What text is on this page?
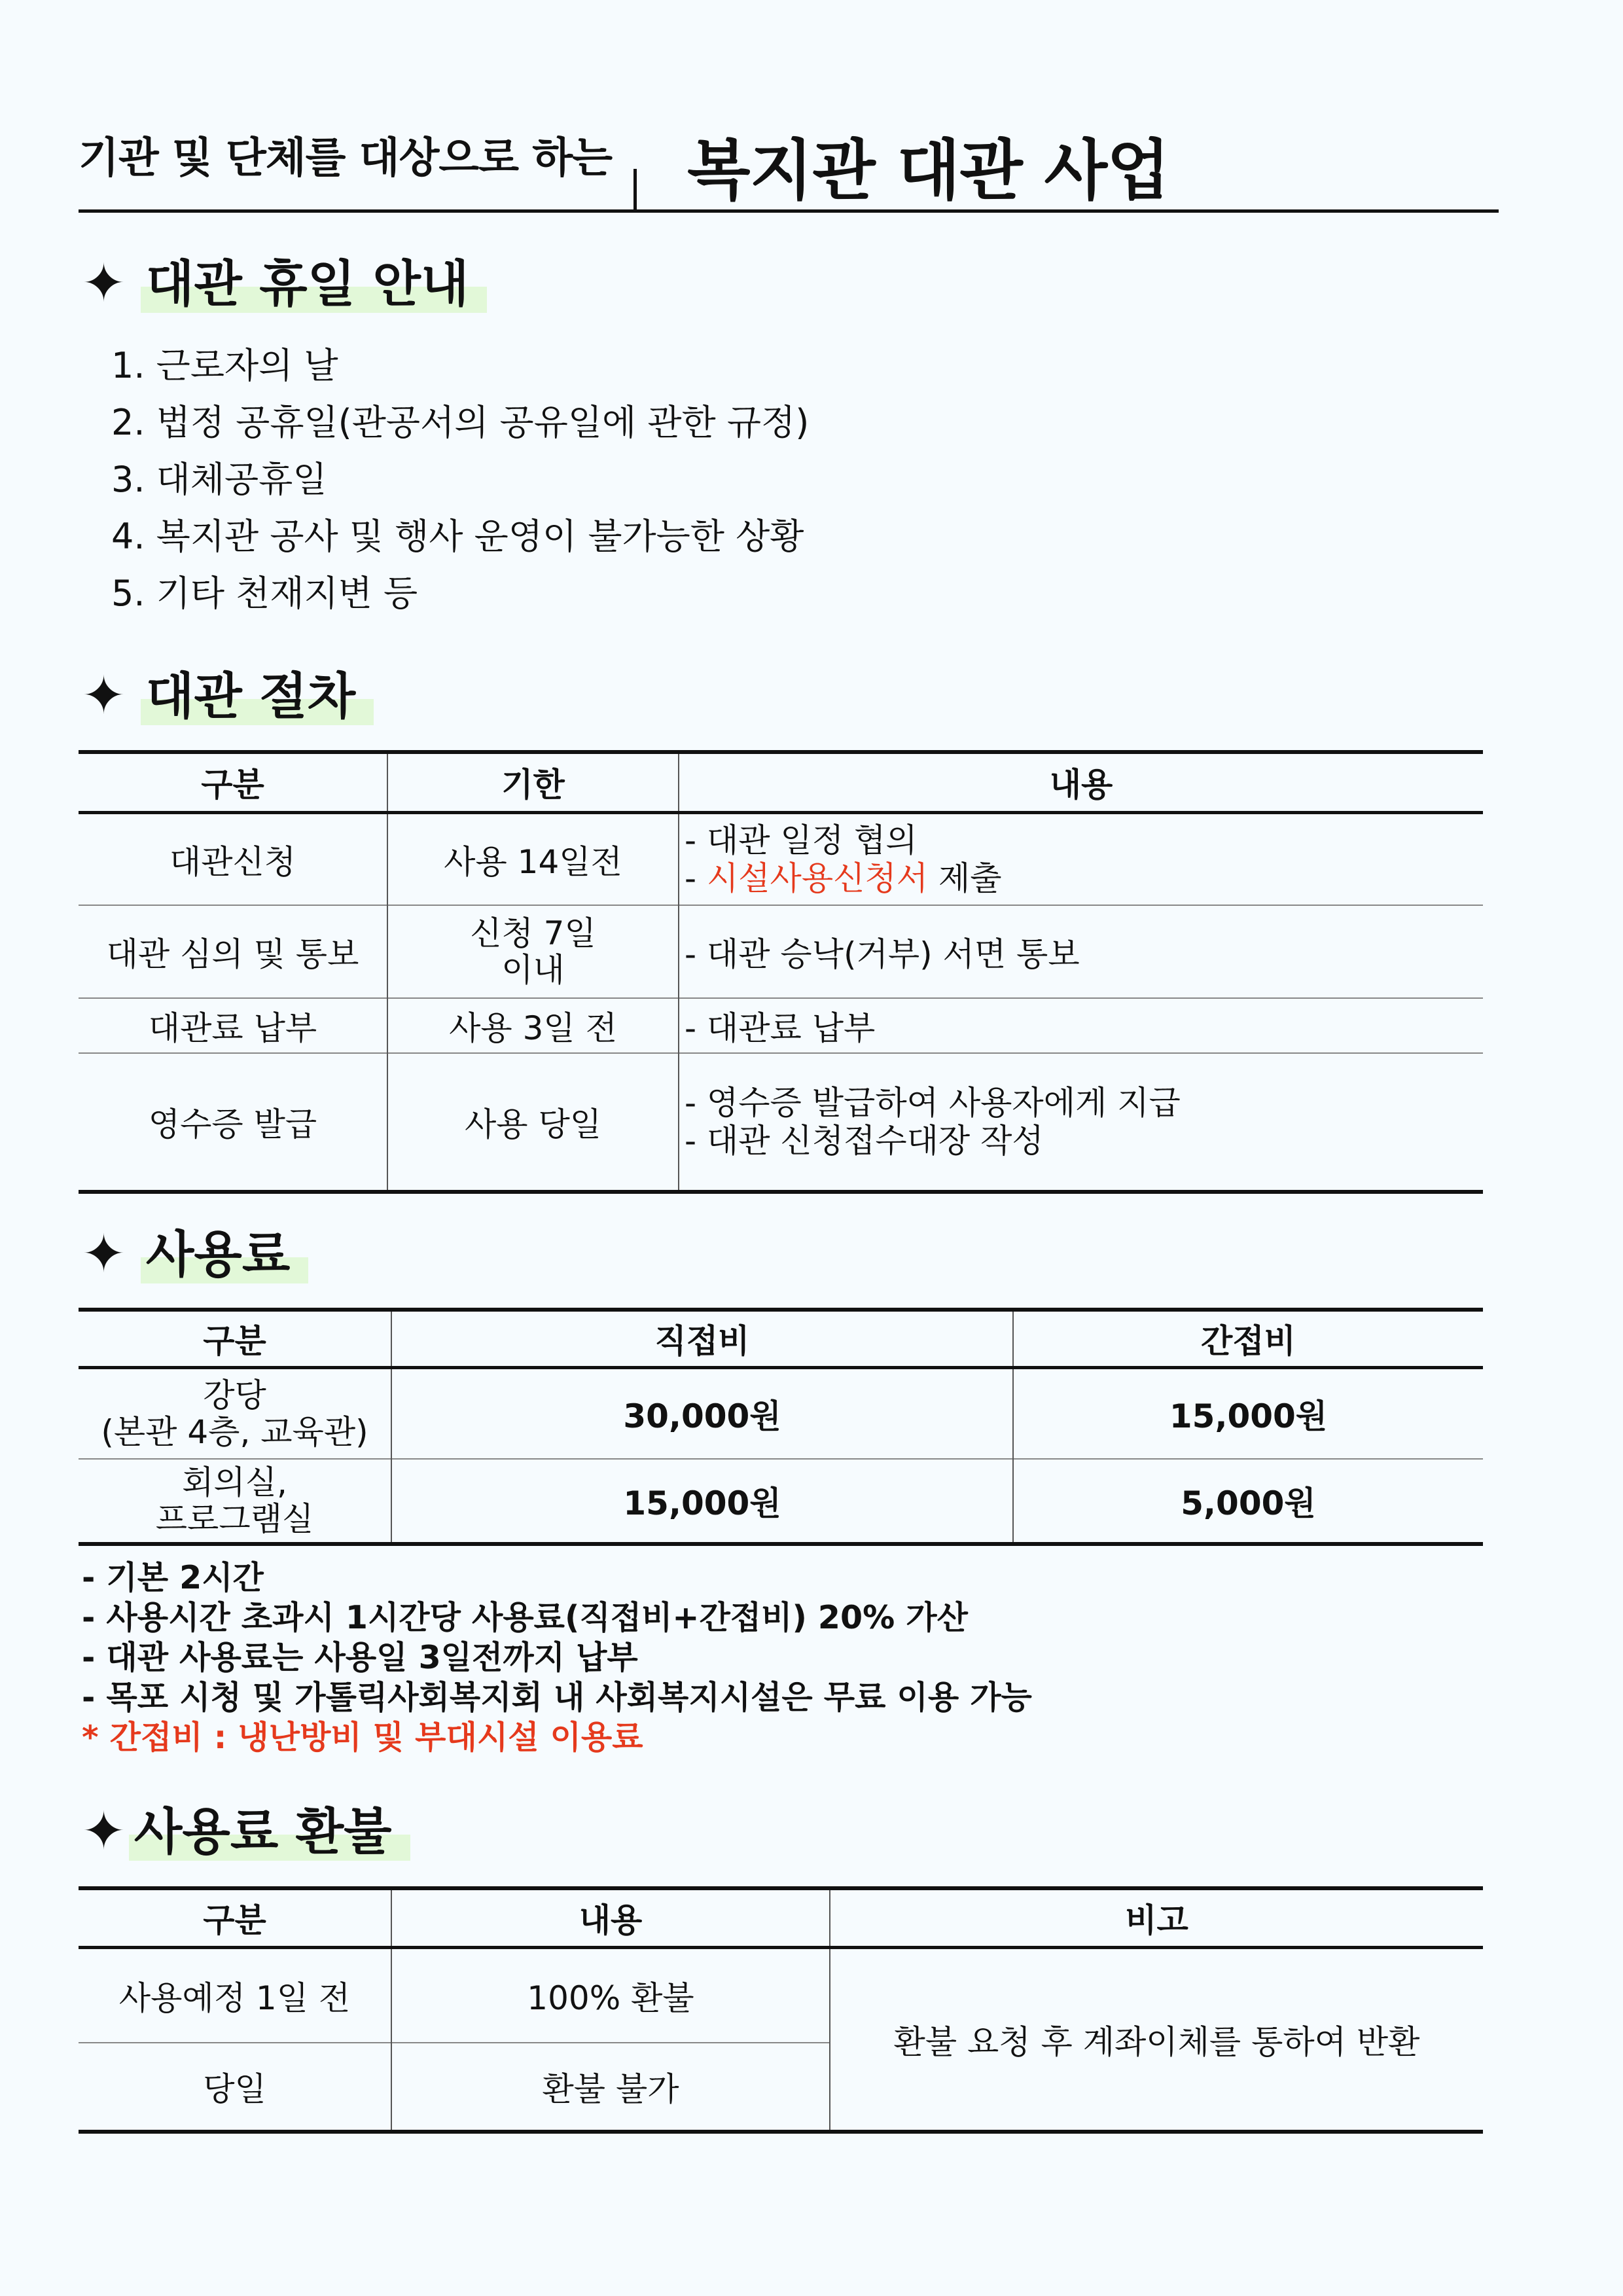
기관 및 단체를 대상으로 하는 복지관 대관 사업
✦ 대관 휴일 안내
1. 근로자의 날
2. 법정 공휴일(관공서의 공유일에 관한 규정)
3. 대체공휴일
4. 복지관 공사 및 행사 운영이 불가능한 상황
5. 기타 천재지변 등
✦ 대관 절차
구분	기한	내용
대관신청	사용 14일전	- 대관 일정 협의
- 시설사용신청서 제출

대관 심의 및 통보	신청 7일
이내	- 대관 승낙(거부) 서면 통보
대관료 납부	사용 3일 전	- 대관료 납부
영수증 발급	사용 당일	- 영수증 발급하여 사용자에게 지급
- 대관 신청접수대장 작성
✦ 사용료
구분	직접비	간접비

강당
(본관 4층, 교육관)	30,000원	15,000원

회의실,
프로그램실	15,000원	5,000원
- 기본 2시간
- 사용시간 초과시 1시간당 사용료(직접비+간접비) 20% 가산
- 대관 사용료는 사용일 3일전까지 납부
- 목포 시청 및 가톨릭사회복지회 내 사회복지시설은 무료 이용 가능
* 간접비 : 냉난방비 및 부대시설 이용료
✦ 사용료 환불
구분	내용	비고
사용예정 1일 전	100% 환불	환불 요청 후 계좌이체를 통하여 반환
당일	환불 불가	
